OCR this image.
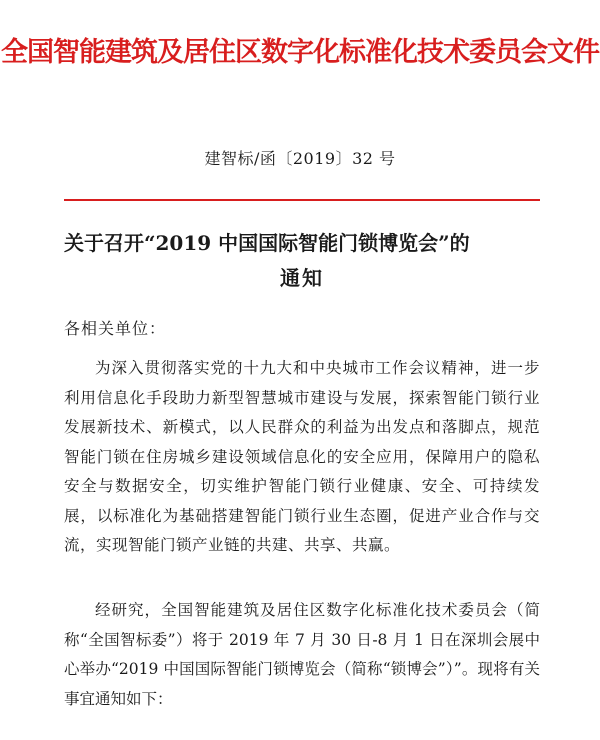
全国智能建筑及居住区数字化标准化技术委员会文件
建智标/函〔2019〕32 号
关于召开“2019 中国国际智能门锁博览会”的
通知
各相关单位：

为深入贯彻落实党的十九大和中央城市工作会议精神，进一步利用信息化手段助力新型智慧城市建设与发展，探索智能门锁行业发展新技术、新模式，以人民群众的利益为出发点和落脚点，规范智能门锁在住房城乡建设领域信息化的安全应用，保障用户的隐私安全与数据安全，切实维护智能门锁行业健康、安全、可持续发展，以标准化为基础搭建智能门锁行业生态圈，促进产业合作与交流，实现智能门锁产业链的共建、共享、共赢。

经研究，全国智能建筑及居住区数字化标准化技术委员会（简称“全国智标委”）将于 2019 年 7 月 30 日-8 月 1 日在深圳会展中心举办“2019 中国国际智能门锁博览会（简称“锁博会”）”。现将有关事宜通知如下：
